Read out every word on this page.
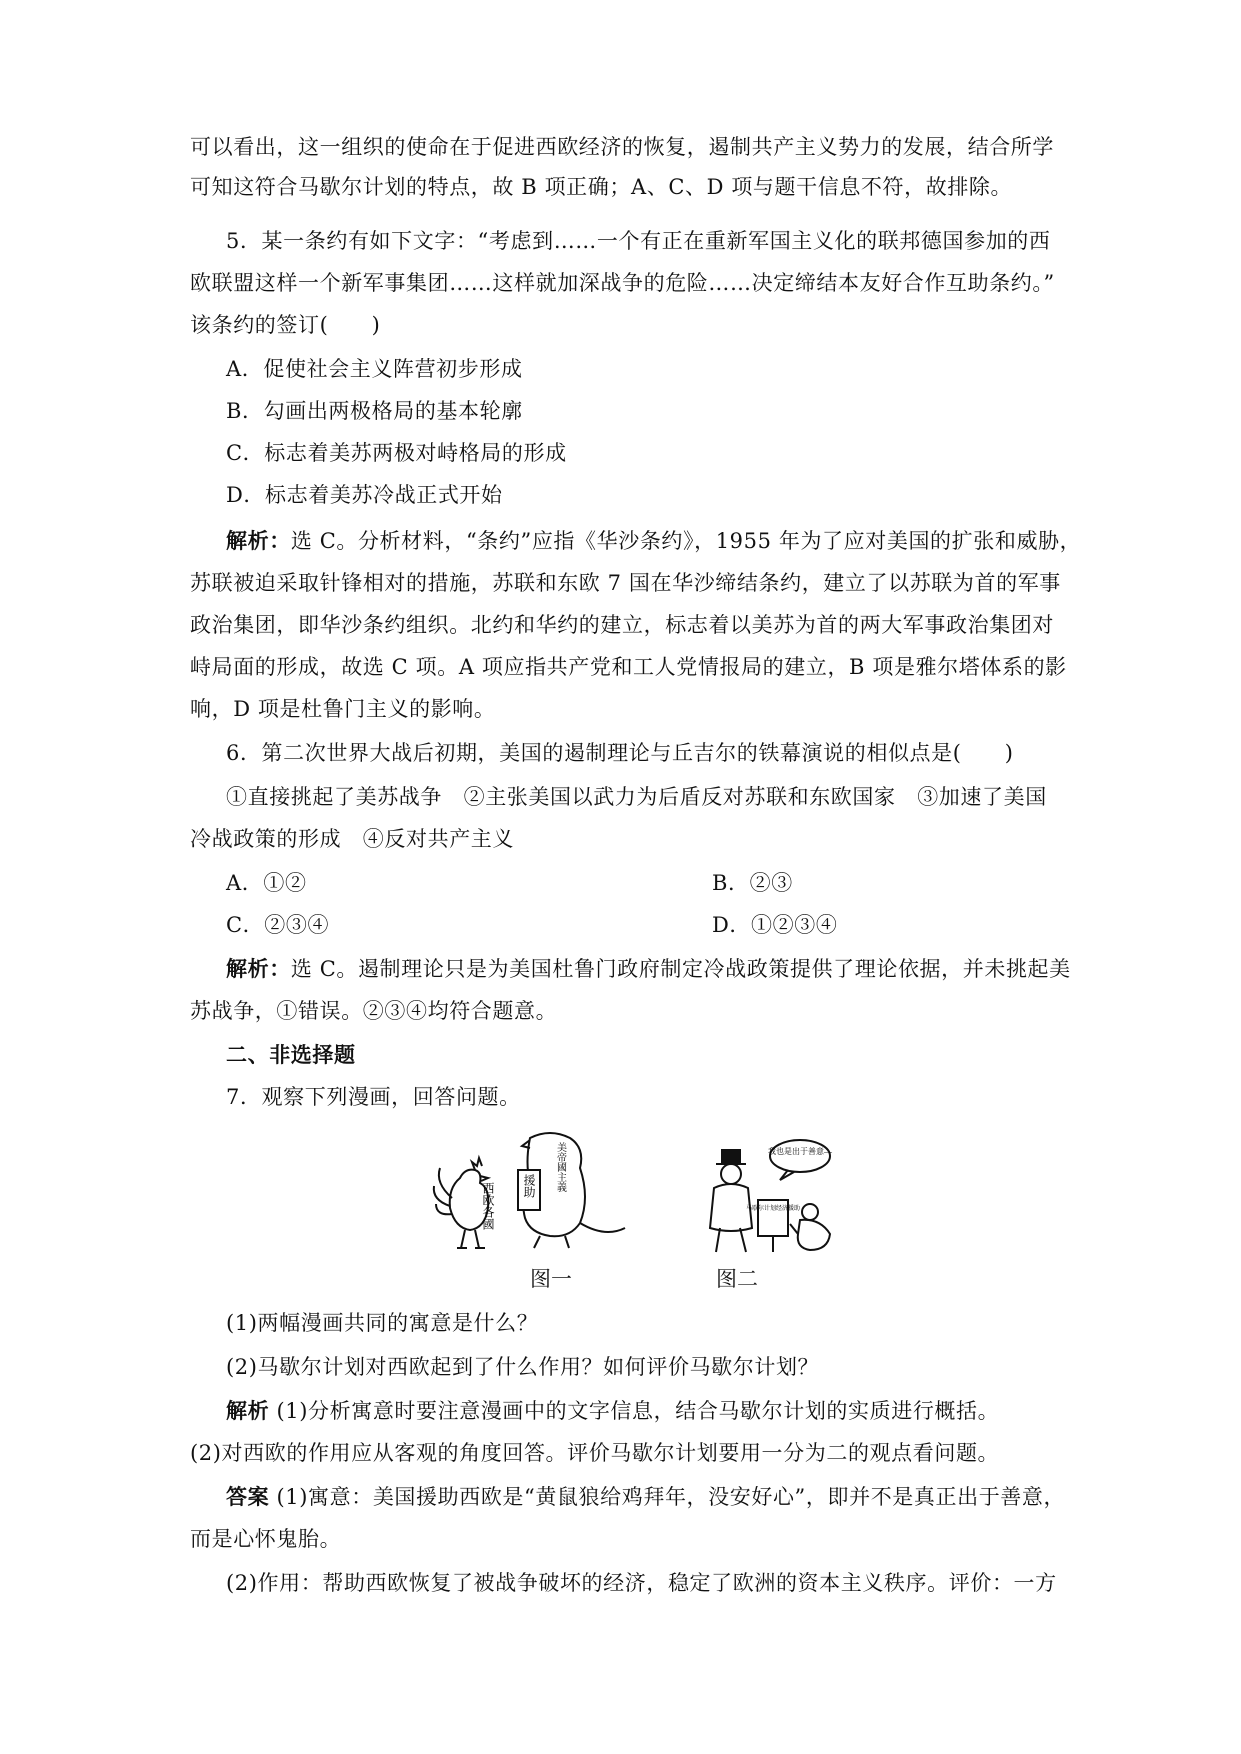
可以看出，这一组织的使命在于促进西欧经济的恢复，遏制共产主义势力的发展，结合所学
可知这符合马歇尔计划的特点，故 B 项正确；A、C、D 项与题干信息不符，故排除。
5．某一条约有如下文字：“考虑到……一个有正在重新军国主义化的联邦德国参加的西
欧联盟这样一个新军事集团……这样就加深战争的危险……决定缔结本友好合作互助条约。”
该条约的签订(　　)
A．促使社会主义阵营初步形成
B．勾画出两极格局的基本轮廓
C．标志着美苏两极对峙格局的形成
D．标志着美苏冷战正式开始
解析：选 C。分析材料，“条约”应指《华沙条约》，1955 年为了应对美国的扩张和威胁，
苏联被迫采取针锋相对的措施，苏联和东欧 7 国在华沙缔结条约，建立了以苏联为首的军事
政治集团，即华沙条约组织。北约和华约的建立，标志着以美苏为首的两大军事政治集团对
峙局面的形成，故选 C 项。A 项应指共产党和工人党情报局的建立，B 项是雅尔塔体系的影
响，D 项是杜鲁门主义的影响。
6．第二次世界大战后初期，美国的遏制理论与丘吉尔的铁幕演说的相似点是(　　)
①直接挑起了美苏战争　②主张美国以武力为后盾反对苏联和东欧国家　③加速了美国
冷战政策的形成　④反对共产主义
A．①②	B．②③
C．②③④	D．①②③④
解析：选 C。遏制理论只是为美国杜鲁门政府制定冷战政策提供了理论依据，并未挑起美
苏战争，①错误。②③④均符合题意。
二、非选择题
7．观察下列漫画，回答问题。
西欧各國 援助 美帝國主義	我也是出于善意—
马歇尔计划经济援助
图一	图二
(1)两幅漫画共同的寓意是什么？
(2)马歇尔计划对西欧起到了什么作用？如何评价马歇尔计划？
解析 (1)分析寓意时要注意漫画中的文字信息，结合马歇尔计划的实质进行概括。
(2)对西欧的作用应从客观的角度回答。评价马歇尔计划要用一分为二的观点看问题。
答案 (1)寓意：美国援助西欧是“黄鼠狼给鸡拜年，没安好心”，即并不是真正出于善意，
而是心怀鬼胎。
(2)作用：帮助西欧恢复了被战争破坏的经济，稳定了欧洲的资本主义秩序。评价：一方
